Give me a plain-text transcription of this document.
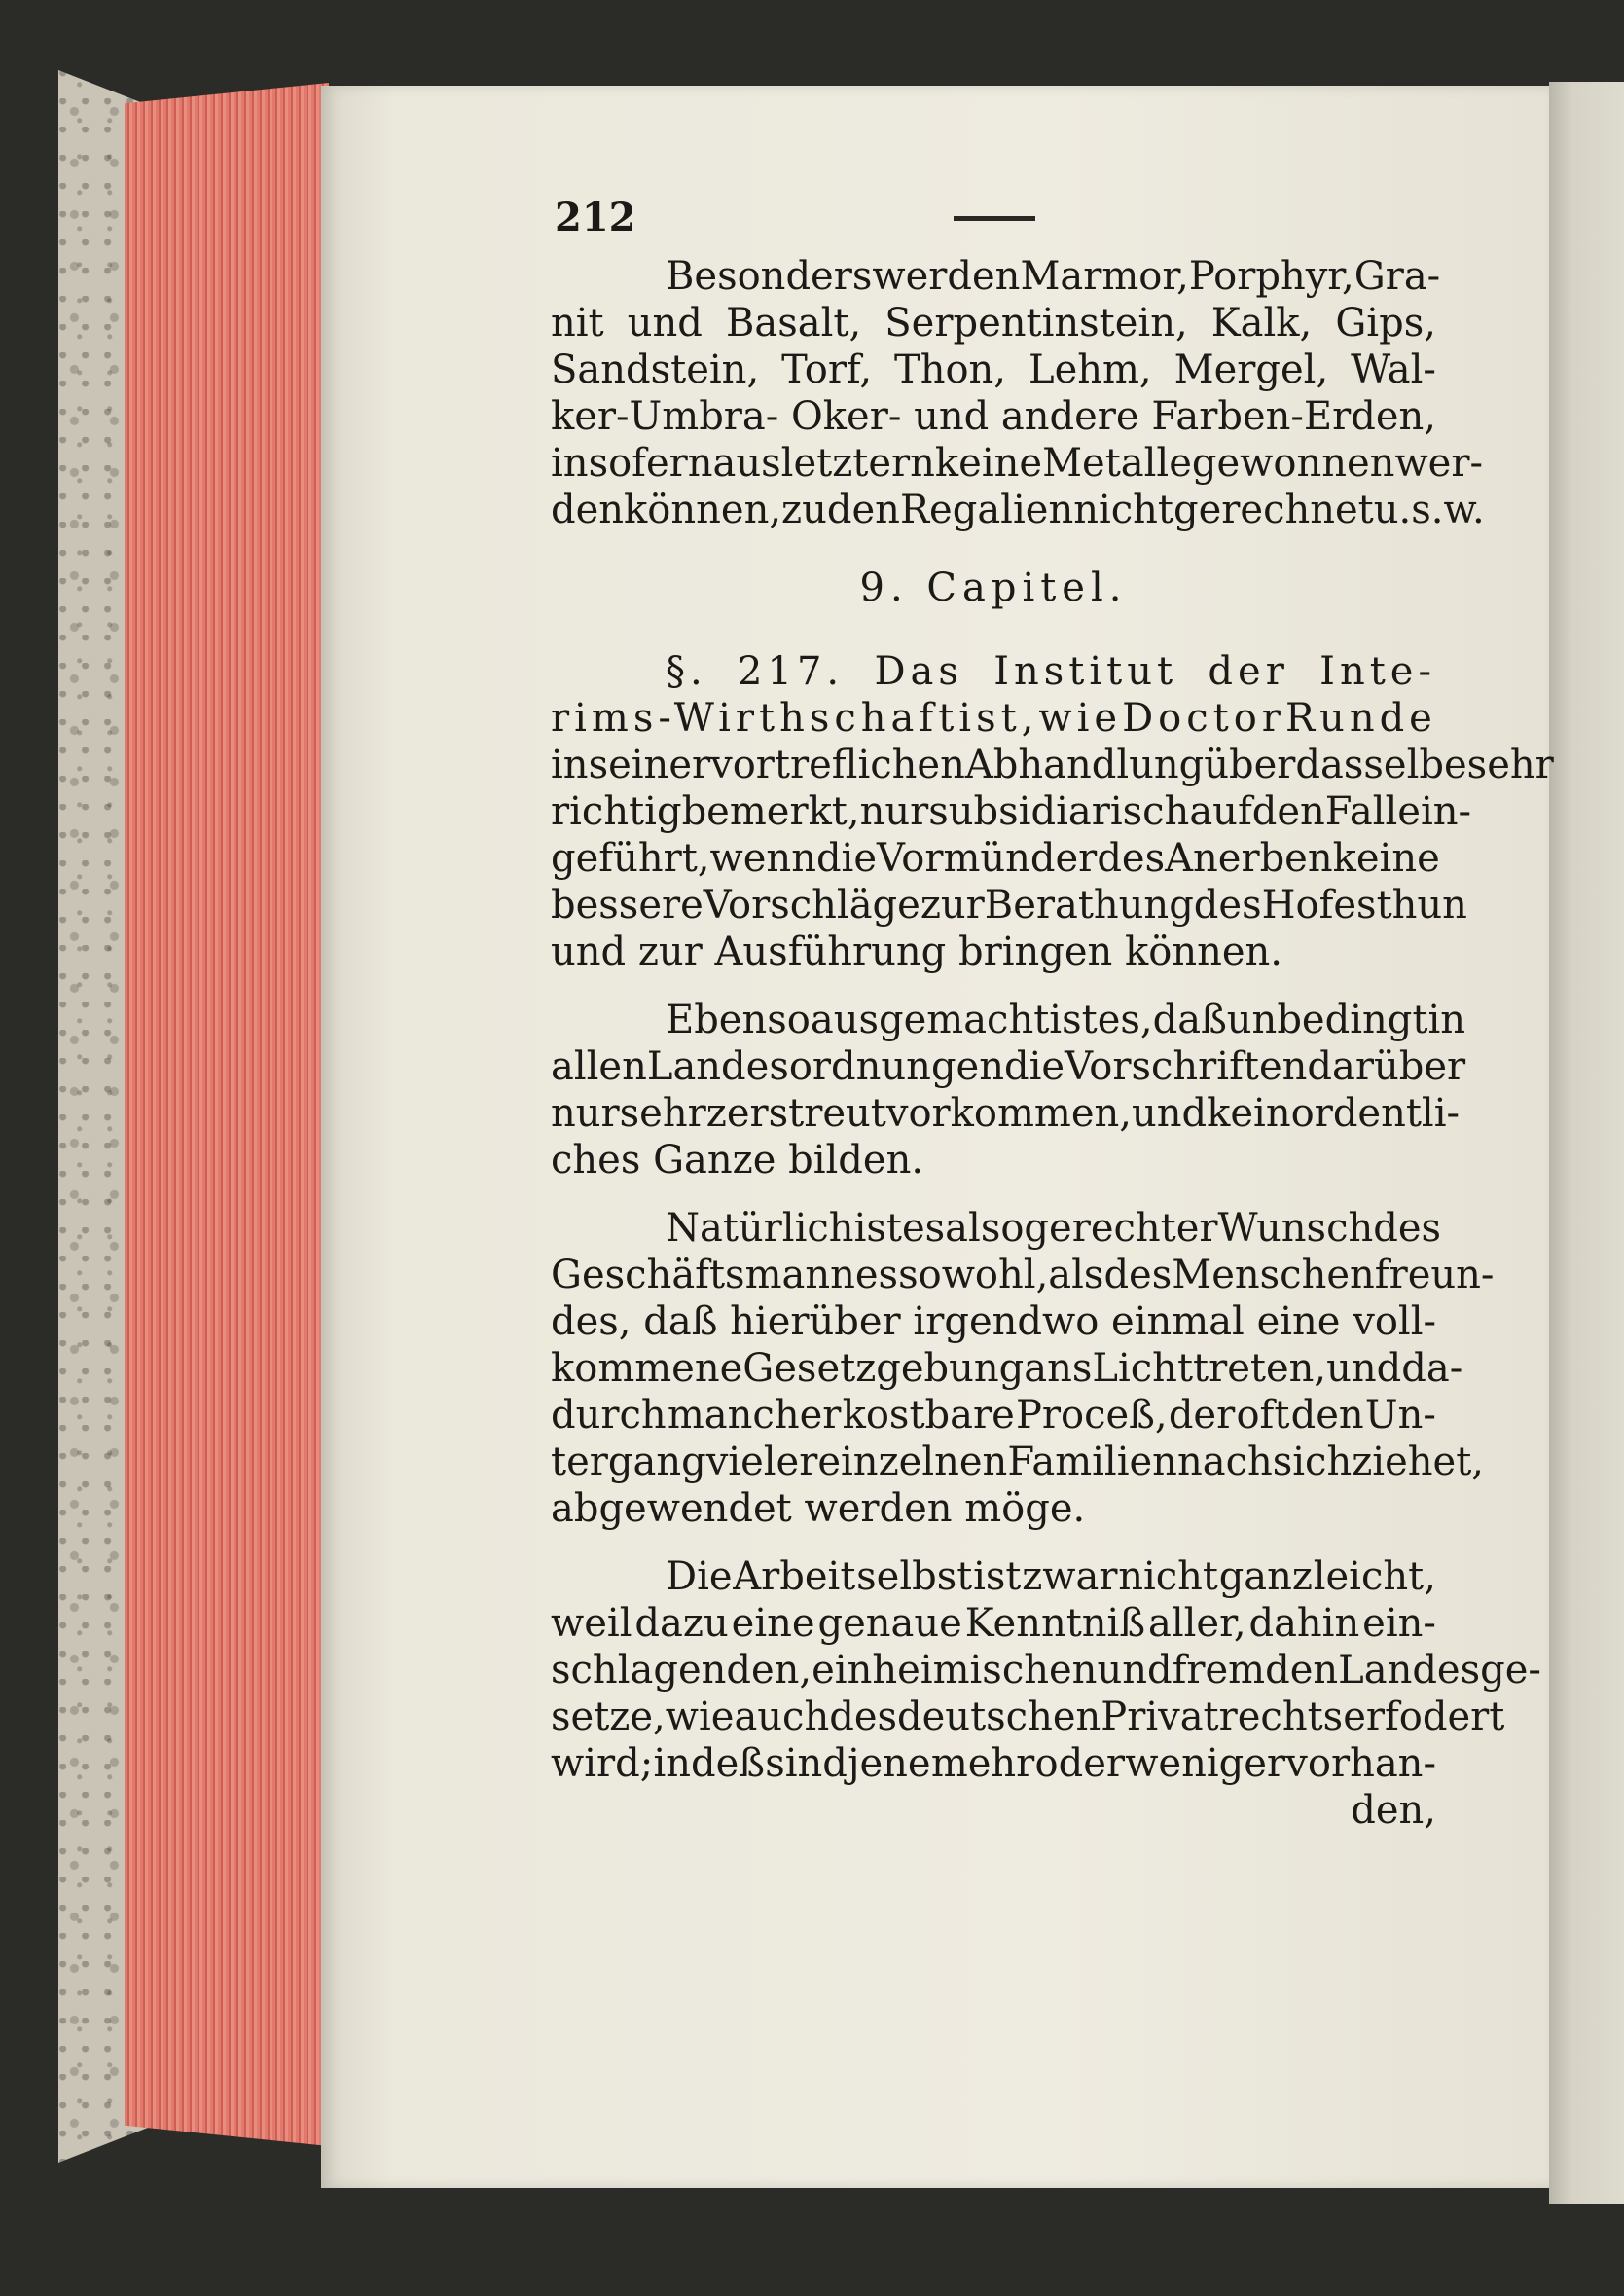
212
Besonders werden Marmor, Porphyr, Gra-
nit und Basalt, Serpentinstein, Kalk, Gips,
Sandstein, Torf, Thon, Lehm, Mergel, Wal-
ker-Umbra- Oker- und andere Farben-Erden,
in sofern aus letztern keine Metalle gewonnen wer-
den können, zu den Regalien nicht gerechnet u. s. w.
9. Capitel.
§. 217. Das Institut der Inte-
rims-Wirthschaft ist, wie Doctor Runde
in seiner vortreflichen Abhandlung über dasselbe sehr
richtig bemerkt, nur subsidiarisch auf den Fall ein-
geführt, wenn die Vormünder des Anerben keine
bessere Vorschläge zur Berathung des Hofes thun
und zur Ausführung bringen können.
Eben so ausgemacht ist es, daß unbedingt in
allen Landesordnungen die Vorschriften darüber
nur sehr zerstreut vorkommen, und kein ordentli-
ches Ganze bilden.
Natürlich ist es also gerechter Wunsch des
Geschäftsmannes so wohl, als des Menschenfreun-
des, daß hierüber irgendwo einmal eine voll-
kommene Gesetzgebung ans Licht treten, und da-
durch mancher kostbare Proceß, der oft den Un-
tergang vieler einzelnen Familien nach sich ziehet,
abgewendet werden möge.
Die Arbeit selbst ist zwar nicht ganz leicht,
weil dazu eine genaue Kenntniß aller, dahin ein-
schlagenden, einheimischen und fremden Landesge-
setze, wie auch des deutschen Privatrechts erfodert
wird; indeß sind jene mehr oder weniger vorhan-
den,
